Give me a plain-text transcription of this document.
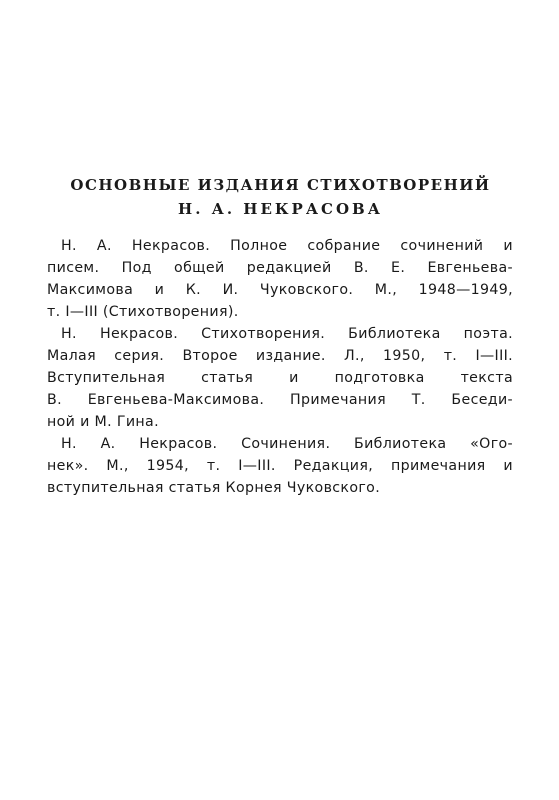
ОСНОВНЫЕ ИЗДАНИЯ СТИХОТВОРЕНИЙ
Н. А. НЕКРАСОВА
Н. А. Некрасов. Полное собрание сочинений и
писем. Под общей редакцией В. Е. Евгеньева-
Максимова и К. И. Чуковского. М., 1948—1949,
т. I—III (Стихотворения).
Н. Некрасов. Стихотворения. Библиотека поэта.
Малая серия. Второе издание. Л., 1950, т. I—III.
Вступительная статья и подготовка текста
В. Евгеньева-Максимова. Примечания Т. Беседи-
ной и М. Гина.
Н. А. Некрасов. Сочинения. Библиотека «Ого-
нек». М., 1954, т. I—III. Редакция, примечания и
вступительная статья Корнея Чуковского.
